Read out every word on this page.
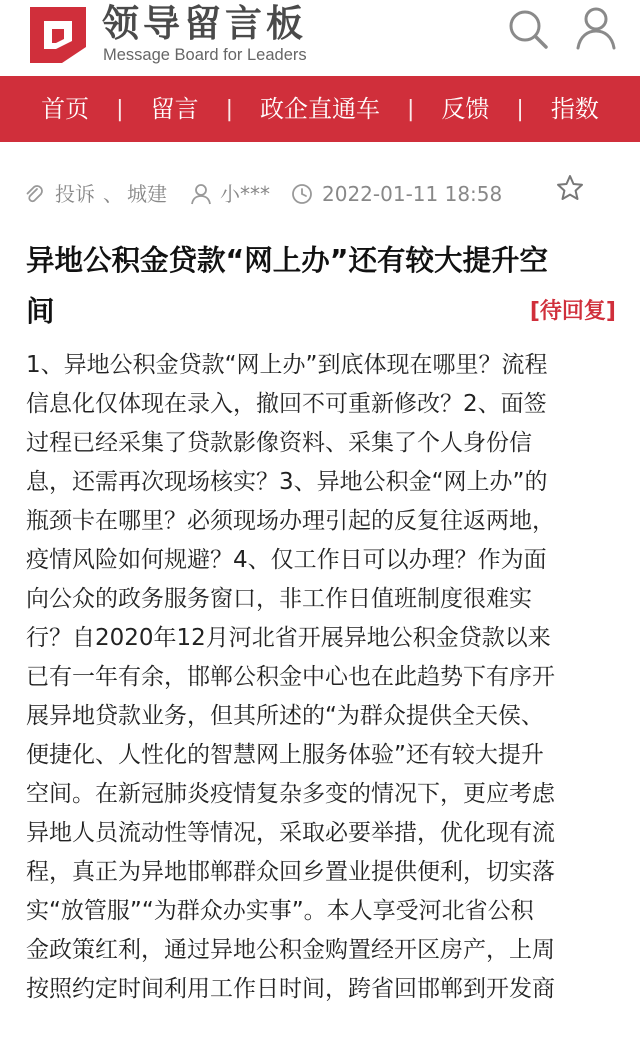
领导留言板
Message Board for Leaders
首页 | 留言 | 政企直通车 | 反馈 | 指数
投诉 、 城建	小***	2022-01-11 18:58
异地公积金贷款“网上办”还有较大提升空
间	[待回复]
1、异地公积金贷款“网上办”到底体现在哪里？流程
信息化仅体现在录入，撤回不可重新修改？2、面签
过程已经采集了贷款影像资料、采集了个人身份信
息，还需再次现场核实？3、异地公积金“网上办”的
瓶颈卡在哪里？必须现场办理引起的反复往返两地，
疫情风险如何规避？4、仅工作日可以办理？作为面
向公众的政务服务窗口，非工作日值班制度很难实
行？自2020年12月河北省开展异地公积金贷款以来
已有一年有余，邯郸公积金中心也在此趋势下有序开
展异地贷款业务，但其所述的“为群众提供全天侯、
便捷化、人性化的智慧网上服务体验”还有较大提升
空间。在新冠肺炎疫情复杂多变的情况下，更应考虑
异地人员流动性等情况，采取必要举措，优化现有流
程，真正为异地邯郸群众回乡置业提供便利，切实落
实“放管服”“为群众办实事”。本人享受河北省公积
金政策红利，通过异地公积金购置经开区房产，上周
按照约定时间利用工作日时间，跨省回邯郸到开发商
